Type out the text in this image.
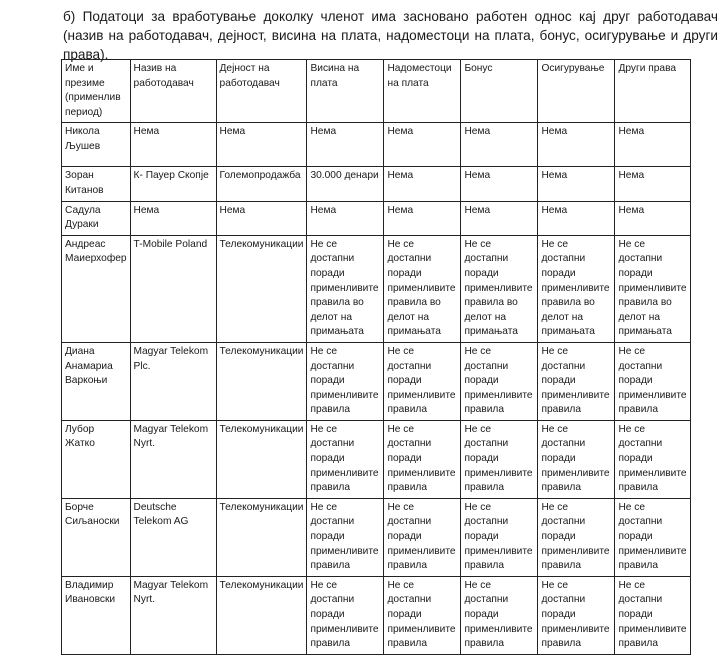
б) Податоци за вработување доколку членот има засновано работен однос кај друг работодавач (назив на работодавач, дејност, висина на плата, надоместоци на плата, бонус, осигурување и други права).
Име и презиме (применлив период)	Назив на работодавач	Дејност на работодавач	Висина на плата	Надоместоци на плата	Бонус	Осигурување	Други права
Никола Љушев	Нема	Нема	Нема	Нема	Нема	Нема	Нема
Зоран Китанов	К- Пауер Скопје	Големопродажба	30.000 денари	Нема	Нема	Нема	Нема
Садула Дураки	Нема	Нема	Нема	Нема	Нема	Нема	Нема
Андреас Маиерхофер	T-Mobile Poland	Телекомуникации	Не се достапни поради применливите правила во делот на примањата	Не се достапни поради применливите правила во делот на примањата	Не се достапни поради применливите правила во делот на примањата	Не се достапни поради применливите правила во делот на примањата	Не се достапни поради применливите правила во делот на примањата
Диана Анамариа Варкоњи	Magyar Telekom Plc.	Телекомуникации	Не се достапни поради применливите правила	Не се достапни поради применливите правила	Не се достапни поради применливите правила	Не се достапни поради применливите правила	Не се достапни поради применливите правила
Лубор Жатко	Magyar Telekom Nyrt.	Телекомуникации	Не се достапни поради применливите правила	Не се достапни поради применливите правила	Не се достапни поради применливите правила	Не се достапни поради применливите правила	Не се достапни поради применливите правила
Борче Сиљаноски	Deutsche Telekom AG	Телекомуникации	Не се достапни поради применливите правила	Не се достапни поради применливите правила	Не се достапни поради применливите правила	Не се достапни поради применливите правила	Не се достапни поради применливите правила
Владимир Ивановски	Magyar Telekom Nyrt.	Телекомуникации	Не се достапни поради применливите правила	Не се достапни поради применливите правила	Не се достапни поради применливите правила	Не се достапни поради применливите правила	Не се достапни поради применливите правила
